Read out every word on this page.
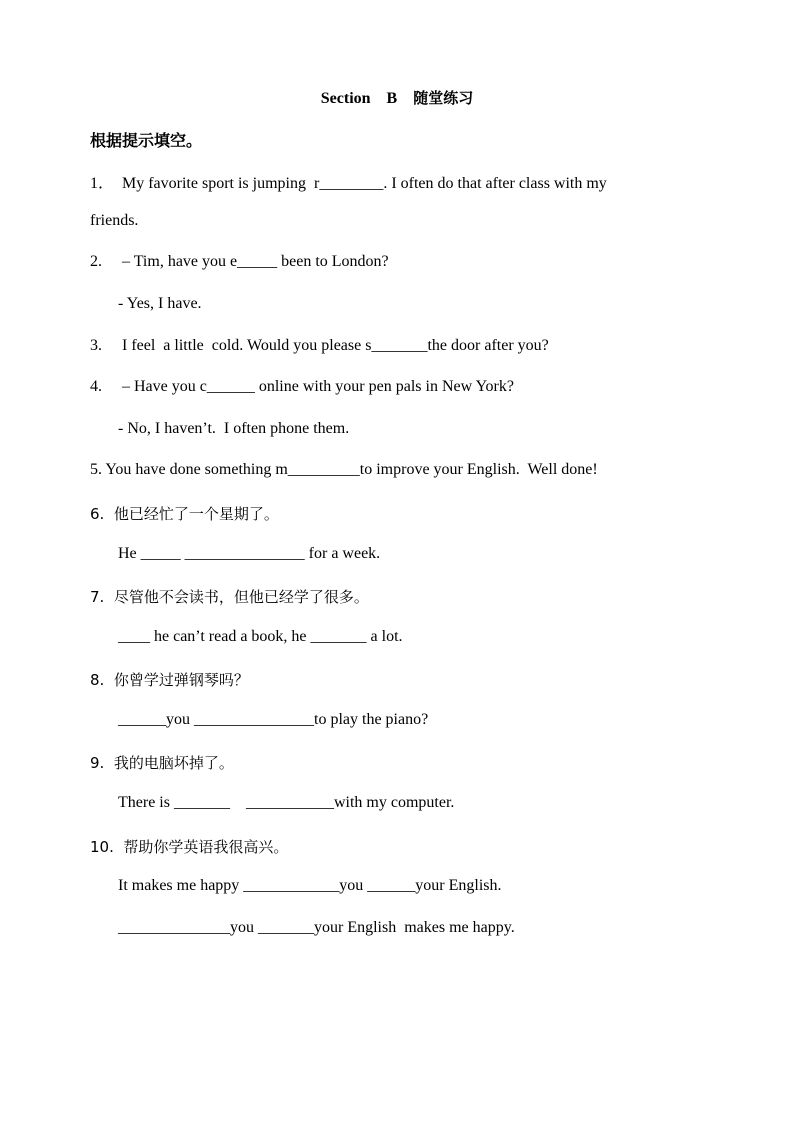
Section B 随堂练习
根据提示填空。
1．  My favorite sport is jumping  r________. I often do that after class with my
friends.
2.     – Tim, have you e_____ been to London?
- Yes, I have.
3.     I feel  a little  cold. Would you please s_______the door after you?
4.     – Have you c______ online with your pen pals in New York?
- No, I haven’t.  I often phone them.
5. You have done something m_________to improve your English.  Well done!
6.  他已经忙了一个星期了。
He _____ _______________ for a week.
7.  尽管他不会读书，但他已经学了很多。
____ he can’t read a book, he _______ a lot.
8.  你曾学过弹钢琴吗？
______you _______________to play the piano?
9.  我的电脑坏掉了。
There is _______    ___________with my computer.
10.  帮助你学英语我很高兴。
It makes me happy ____________you ______your English.
______________you _______your English  makes me happy.
